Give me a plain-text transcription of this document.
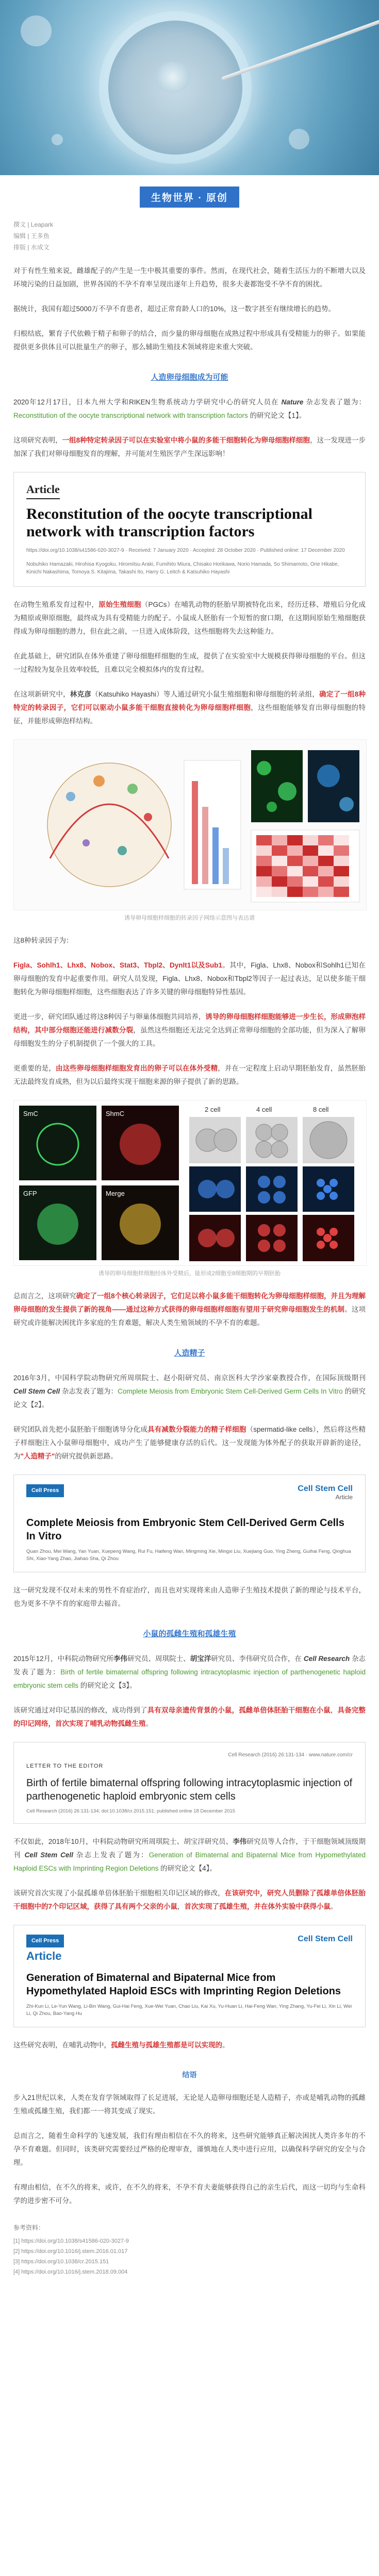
生物世界 · 原创
撰文 | Leapark
编辑 | 王多鱼
排版 | 水成文

对于有性生殖来说，雌雄配子的产生是一生中极其重要的事件。然而，在现代社会，随着生活压力的不断增大以及环境污染的日益加剧，世界各国的不孕不育率呈现出逐年上升趋势，很多夫妻都饱受不孕不育的困扰。

据统计，我国有超过5000万不孕不育患者，超过正常育龄人口的10%，这一数字甚至有继续增长的趋势。

归根结底，繁育子代依赖于精子和卵子的结合，而少量的卵母细胞在成熟过程中形成具有受精能力的卵子。如果能提供更多供体且可以批量生产的卵子，那么辅助生殖技术领域将迎来重大突破。

人造卵母细胞成为可能

2020年12月17日，日本九州大学和RIKEN生物系统动力学研究中心的研究人员在 Nature 杂志发表了题为：Reconstitution of the oocyte transcriptional network with transcription factors 的研究论文【1】。

这项研究表明，一组8种特定转录因子可以在实验室中将小鼠的多能干细胞转化为卵母细胞样细胞，这一发现进一步加深了我们对卵母细胞发育的理解，并可能对生殖医学产生深远影响！

Article
Reconstitution of the oocyte transcriptional network with transcription factors
https://doi.org/10.1038/s41586-020-3027-9 · Received: 7 January 2020 · Accepted: 28 October 2020 · Published online: 17 December 2020
Nobuhiko Hamazaki, Hirohisa Kyogoku, Hiromitsu Araki, Fumihito Miura, Chisako Horikawa, Norio Hamada, So Shimamoto, Orie Hikabe, Kinichi Nakashima, Tomoya S. Kitajima, Takashi Ito, Harry G. Leitch & Katsuhiko Hayashi

在动物生殖系发育过程中，原始生殖细胞（PGCs）在哺乳动物的胚胎早期被特化出来，经历迁移、增殖后分化成为精原或卵原细胞，最终成为具有受精能力的配子。小鼠成人胚胎有一个短暂的窗口期，在这期间原始生殖细胞获得成为卵母细胞的潜力，但在此之前，一旦进入成体阶段，这些细胞将失去这种能力。

在此基础上，研究团队在体外重建了卵母细胞样细胞的生成，提供了在实验室中大规模获得卵母细胞的平台。但这一过程较为复杂且效率较低，且难以完全模拟体内的发育过程。

在这项新研究中，林克彦（Katsuhiko Hayashi）等人通过研究小鼠生殖细胞和卵母细胞的转录组，确定了一组8种特定的转录因子，它们可以驱动小鼠多能干细胞直接转化为卵母细胞样细胞，这些细胞能够发育出卵母细胞的特征，并能形成卵泡样结构。

诱导卵母细胞样细胞的转录因子网络示意图与表达谱

这8种转录因子为：

Figla、Sohlh1、Lhx8、Nobox、Stat3、Tbpl2、Dynlt1以及Sub1。其中，Figla、Lhx8、Nobox和Sohlh1已知在卵母细胞的发育中起重要作用。研究人员发现，Figla、Lhx8、Nobox和Tbpl2等因子一起过表达，足以使多能干细胞转化为卵母细胞样细胞，这些细胞表达了许多关键的卵母细胞特异性基因。

更进一步，研究团队通过将这8种因子与卵巢体细胞共同培养，诱导的卵母细胞样细胞能够进一步生长，形成卵泡样结构，其中部分细胞还能进行减数分裂，虽然这些细胞还无法完全达到正常卵母细胞的全部功能，但为深入了解卵母细胞发生的分子机制提供了一个强大的工具。

更重要的是，由这些卵母细胞样细胞发育出的卵子可以在体外受精，并在一定程度上启动早期胚胎发育，虽然胚胎无法最终发育成熟，但为以后最终实现干细胞来源的卵子提供了新的思路。

SmC	ShmC
GFP	Merge
2 cell	4 cell	8 cell
诱导的卵母细胞样细胞经体外受精后，能形成2细胞至8细胞期的早期胚胎

总而言之，这项研究确定了一组8个核心转录因子，它们足以将小鼠多能干细胞转化为卵母细胞样细胞，并且为理解卵母细胞的发生提供了新的视角——通过这种方式获得的卵母细胞样细胞有望用于研究卵母细胞发生的机制。这项研究或许能解决困扰许多家庭的生育难题，解决人类生殖领域的不孕不育的难题。

人造精子

2016年3月，中国科学院动物研究所周琪院士、赵小阳研究员、南京医科大学沙家豪教授合作，在国际顶级期刊 Cell Stem Cell 杂志发表了题为：Complete Meiosis from Embryonic Stem Cell-Derived Germ Cells In Vitro 的研究论文【2】。

研究团队首先把小鼠胚胎干细胞诱导分化成具有减数分裂能力的精子样细胞（spermatid-like cells），然后将这些精子样细胞注入小鼠卵母细胞中，成功产生了能够健康存活的后代。这一发现能为体外配子的获取开辟新的途径，为"人造精子"的研究提供新思路。

Cell Press	Cell Stem Cell
Article
Complete Meiosis from Embryonic Stem Cell-Derived Germ Cells In Vitro
Quan Zhou, Mei Wang, Yan Yuan, Xuepeng Wang, Rui Fu, Haifeng Wan, Mingming Xie, Mingxi Liu, Xuejiang Guo, Ying Zheng, Guihai Feng, Qinghua Shi, Xiao-Yang Zhao, Jiahao Sha, Qi Zhou

这一研究发现不仅对未来的男性不育症治疗，而且也对实现将来由人造卵子生殖技术提供了新的理论与技术平台，也为更多不孕不育的家庭带去福音。

小鼠的孤雌生殖和孤雄生殖

2015年12月，中科院动物研究所李伟研究员、周琪院士、胡宝洋研究员、李伟研究员合作，在 Cell Research 杂志发表了题为：Birth of fertile bimaternal offspring following intracytoplasmic injection of parthenogenetic haploid embryonic stem cells 的研究论文【3】。

该研究通过对印记基因的修改，成功得到了具有双母亲遗传背景的小鼠，孤雌单倍体胚胎干细胞在小鼠，具备完整的印记网络，首次实现了哺乳动物孤雌生殖。

LETTER TO THE EDITOR
Cell Research (2016) 26:131-134 · www.nature.com/cr
Birth of fertile bimaternal offspring following intracytoplasmic injection of parthenogenetic haploid embryonic stem cells
Cell Research (2016) 26:131-134; doi:10.1038/cr.2015.151; published online 18 December 2015

不仅如此，2018年10月，中科院动物研究所周琪院士、胡宝洋研究员、李伟研究员等人合作，于干细胞领域顶级期刊 Cell Stem Cell 杂志上发表了题为：Generation of Bimaternal and Bipaternal Mice from Hypomethylated Haploid ESCs with Imprinting Region Deletions 的研究论文【4】。

该研究首次实现了小鼠孤雄单倍体胚胎干细胞相关印记区域的修改，在该研究中，研究人员删除了孤雄单倍体胚胎干细胞中的7个印记区域，获得了具有两个父亲的小鼠，首次实现了孤雄生殖，并在体外实验中获得小鼠。

Cell Press
Article
Cell Stem Cell
Generation of Bimaternal and Bipaternal Mice from Hypomethylated Haploid ESCs with Imprinting Region Deletions
Zhi-Kun Li, Le-Yun Wang, Li-Bin Wang, Gui-Hai Feng, Xue-Wei Yuan, Chao Liu, Kai Xu, Yu-Huan Li, Hai-Feng Wan, Ying Zhang, Yu-Fei Li, Xin Li, Wei Li, Qi Zhou, Bao-Yang Hu

这些研究表明，在哺乳动物中，孤雌生殖与孤雄生殖都是可以实现的。

结语

步入21世纪以来，人类在发育学领域取得了长足进展，无论是人造卵母细胞还是人造精子，亦或是哺乳动物的孤雌生殖或孤雄生殖，我们都一一将其变成了现实。

总而言之，随着生命科学的飞速发展，我们有理由相信在不久的将来，这些研究能够真正解决困扰人类许多年的不孕不育难题。但同时，该类研究需要经过严格的伦理审查，谨慎地在人类中进行应用，以确保科学研究的安全与合理。

有理由相信，在不久的将来，或许，在不久的将来，不孕不育夫妻能够获得自己的亲生后代，而这一切均与生命科学的进步密不可分。

参考资料：
[1] https://doi.org/10.1038/s41586-020-3027-9
[2] https://doi.org/10.1016/j.stem.2016.01.017
[3] https://doi.org/10.1038/cr.2015.151
[4] https://doi.org/10.1016/j.stem.2018.09.004
